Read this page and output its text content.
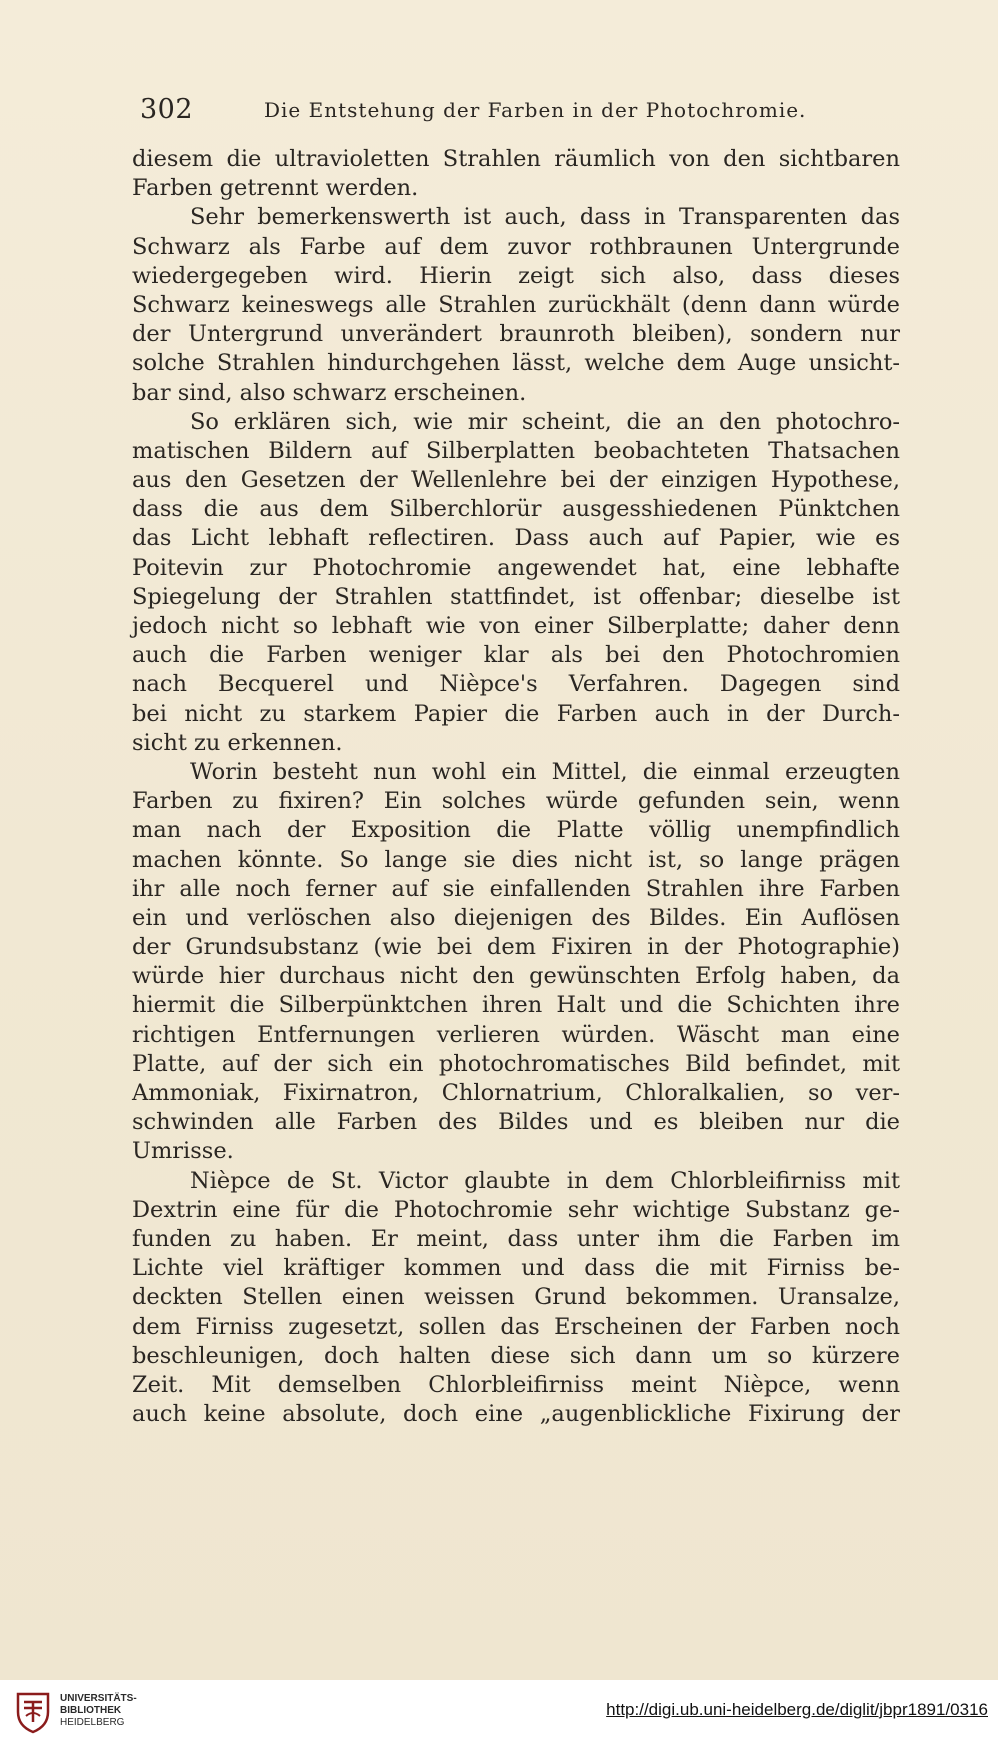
302	Die Entstehung der Farben in der Photochromie.
diesem die ultravioletten Strahlen räumlich von den sichtbaren
Farben getrennt werden.
Sehr bemerkenswerth ist auch, dass in Transparenten das
Schwarz als Farbe auf dem zuvor rothbraunen Untergrunde
wiedergegeben wird. Hierin zeigt sich also, dass dieses
Schwarz keineswegs alle Strahlen zurückhält (denn dann würde
der Untergrund unverändert braunroth bleiben), sondern nur
solche Strahlen hindurchgehen lässt, welche dem Auge unsicht-
bar sind, also schwarz erscheinen.
So erklären sich, wie mir scheint, die an den photochro-
matischen Bildern auf Silberplatten beobachteten Thatsachen
aus den Gesetzen der Wellenlehre bei der einzigen Hypothese,
dass die aus dem Silberchlorür ausgesshiedenen Pünktchen
das Licht lebhaft reflectiren. Dass auch auf Papier, wie es
Poitevin zur Photochromie angewendet hat, eine lebhafte
Spiegelung der Strahlen stattfindet, ist offenbar; dieselbe ist
jedoch nicht so lebhaft wie von einer Silberplatte; daher denn
auch die Farben weniger klar als bei den Photochromien
nach Becquerel und Nièpce's Verfahren. Dagegen sind
bei nicht zu starkem Papier die Farben auch in der Durch-
sicht zu erkennen.
Worin besteht nun wohl ein Mittel, die einmal erzeugten
Farben zu fixiren? Ein solches würde gefunden sein, wenn
man nach der Exposition die Platte völlig unempfindlich
machen könnte. So lange sie dies nicht ist, so lange prägen
ihr alle noch ferner auf sie einfallenden Strahlen ihre Farben
ein und verlöschen also diejenigen des Bildes. Ein Auflösen
der Grundsubstanz (wie bei dem Fixiren in der Photographie)
würde hier durchaus nicht den gewünschten Erfolg haben, da
hiermit die Silberpünktchen ihren Halt und die Schichten ihre
richtigen Entfernungen verlieren würden. Wäscht man eine
Platte, auf der sich ein photochromatisches Bild befindet, mit
Ammoniak, Fixirnatron, Chlornatrium, Chloralkalien, so ver-
schwinden alle Farben des Bildes und es bleiben nur die
Umrisse.
Nièpce de St. Victor glaubte in dem Chlorbleifirniss mit
Dextrin eine für die Photochromie sehr wichtige Substanz ge-
funden zu haben. Er meint, dass unter ihm die Farben im
Lichte viel kräftiger kommen und dass die mit Firniss be-
deckten Stellen einen weissen Grund bekommen. Uransalze,
dem Firniss zugesetzt, sollen das Erscheinen der Farben noch
beschleunigen, doch halten diese sich dann um so kürzere
Zeit. Mit demselben Chlorbleifirniss meint Nièpce, wenn
auch keine absolute, doch eine „augenblickliche Fixirung der
UNIVERSITÄTS-
BIBLIOTHEK
HEIDELBERG
http://digi.ub.uni-heidelberg.de/diglit/jbpr1891/0316
